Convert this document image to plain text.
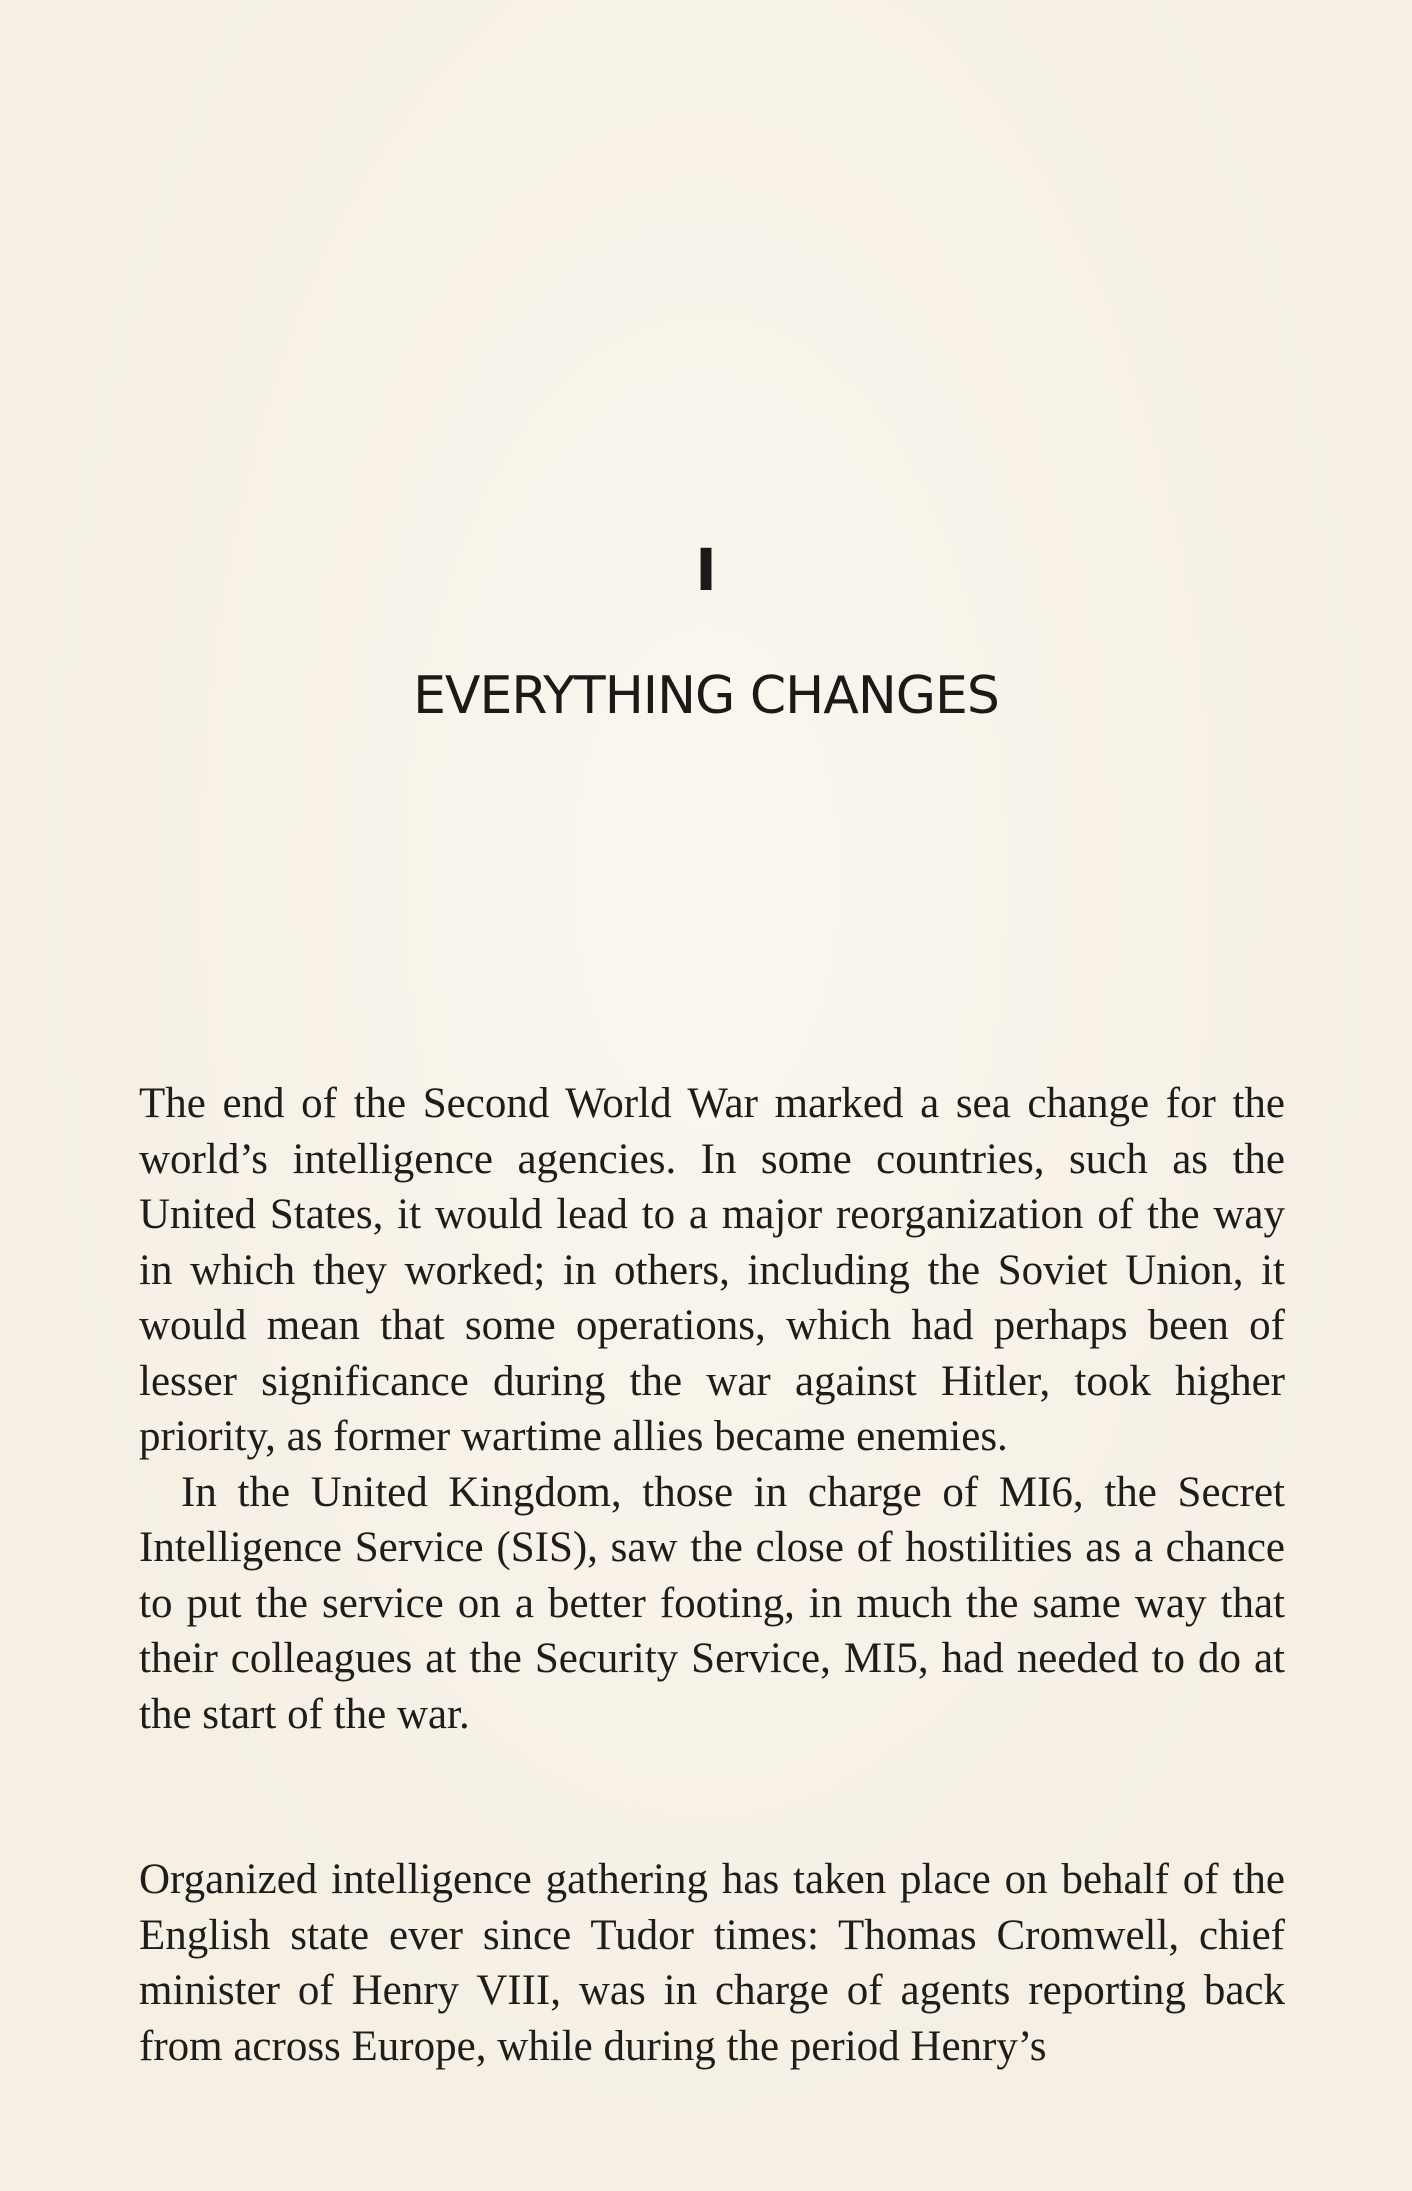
I
EVERYTHING CHANGES

The end of the Second World War marked a sea change for the world’s intelligence agencies. In some countries, such as the United States, it would lead to a major reorganization of the way in which they worked; in others, including the Soviet Union, it would mean that some operations, which had perhaps been of lesser significance during the war against Hitler, took higher priority, as former wartime allies became enemies.

In the United Kingdom, those in charge of MI6, the Secret Intelligence Service (SIS), saw the close of hostilities as a chance to put the service on a better footing, in much the same way that their colleagues at the Security Service, MI5, had needed to do at the start of the war.

Organized intelligence gathering has taken place on behalf of the English state ever since Tudor times: Thomas Cromwell, chief minister of Henry VIII, was in charge of agents reporting back from across Europe, while during the period Henry’s
